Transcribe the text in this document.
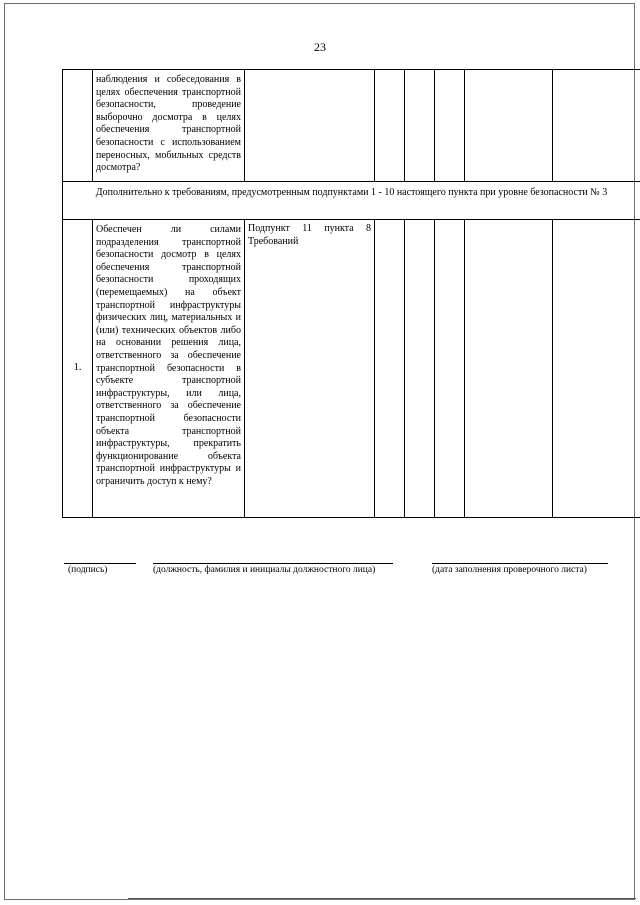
23
	наблюдения и собеседования в целях обеспечения транспортной безопасности, проведение выборочно досмотра в целях обеспечения транспортной безопасности с использованием переносных, мобильных средств досмотра?						
Дополнительно к требованиям, предусмотренным подпунктами 1 - 10 настоящего пункта при уровне безопасности № 3							
1.	Обеспечен ли силами подразделения транспортной безопасности досмотр в целях обеспечения транспортной безопасности проходящих (перемещаемых) на объект транспортной инфраструктуры физических лиц, материальных и (или) технических объектов либо на основании решения лица, ответственного за обеспечение транспортной безопасности в субъекте транспортной инфраструктуры, или лица, ответственного за обеспечение транспортной безопасности объекта транспортной инфраструктуры, прекратить функционирование объекта транспортной инфраструктуры и ограничить доступ к нему?	Подпункт 11 пункта 8 Требований					
(подпись)	(должность, фамилия и инициалы должностного лица)	(дата заполнения проверочного листа)
